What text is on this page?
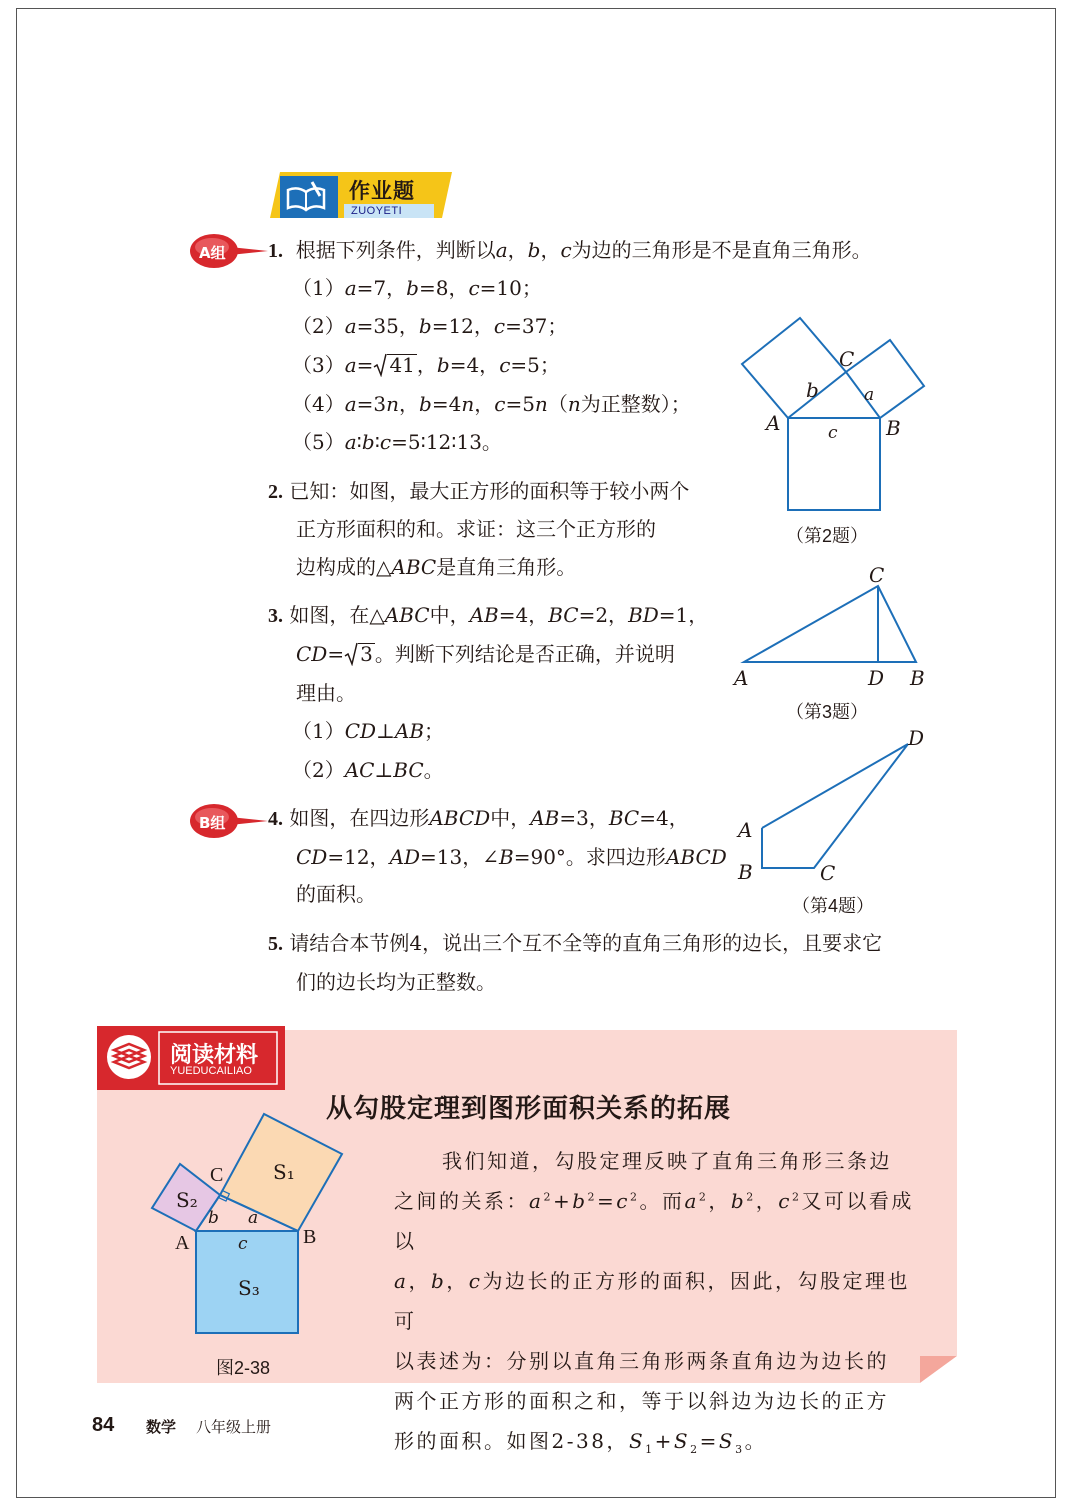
作业题
ZUOYETI
A组 1.  根据下列条件，判断以a，b，c为边的三角形是不是直角三角形。
（1）a=7，b=8，c=10；
（2）a=35，b=12，c=37；
（3）a= 41 ，b=4，c=5；
（4）a=3n，b=4n，c=5n（n为正整数）；
（5）a∶b∶c=5∶12∶13。
C
b	a
A	c B
（第2题）
2. 已知：如图，最大正方形的面积等于较小两个
正方形面积的和。求证：这三个正方形的
边构成的△ABC是直角三角形。	C
A	D B
（第3题）
3. 如图，在△ABC中，AB=4，BC=2，BD=1，
CD= 3 。判断下列结论是否正确，并说明
理由。
（1）CD⊥AB；
（2）AC⊥BC。
B组
D
A
B	C
（第4题）
4. 如图，在四边形ABCD中，AB=3，BC=4，
CD=12，AD=13，∠B=90°。求四边形ABCD
的面积。
5. 请结合本节例4，说出三个互不全等的直角三角形的边长，且要求它
们的边长均为正整数。
阅读材料
YUEDUCAILIAO
从勾股定理到图形面积关系的拓展
S₁
S₂
S₃
C
b a
A	c	B
图2-38
我们知道，勾股定理反映了直角三角形三条边
之间的关系：$a^2+b^2=c^2$。而$a^2$，$b^2$，$c^2$又可以看成以
a，b，c为边长的正方形的面积，因此，勾股定理也可
以表述为：分别以直角三角形两条直角边为边长的
两个正方形的面积之和，等于以斜边为边长的正方
形的面积。如图2-38，$S_1+S_2=S_3$。
84 数学 八年级上册
